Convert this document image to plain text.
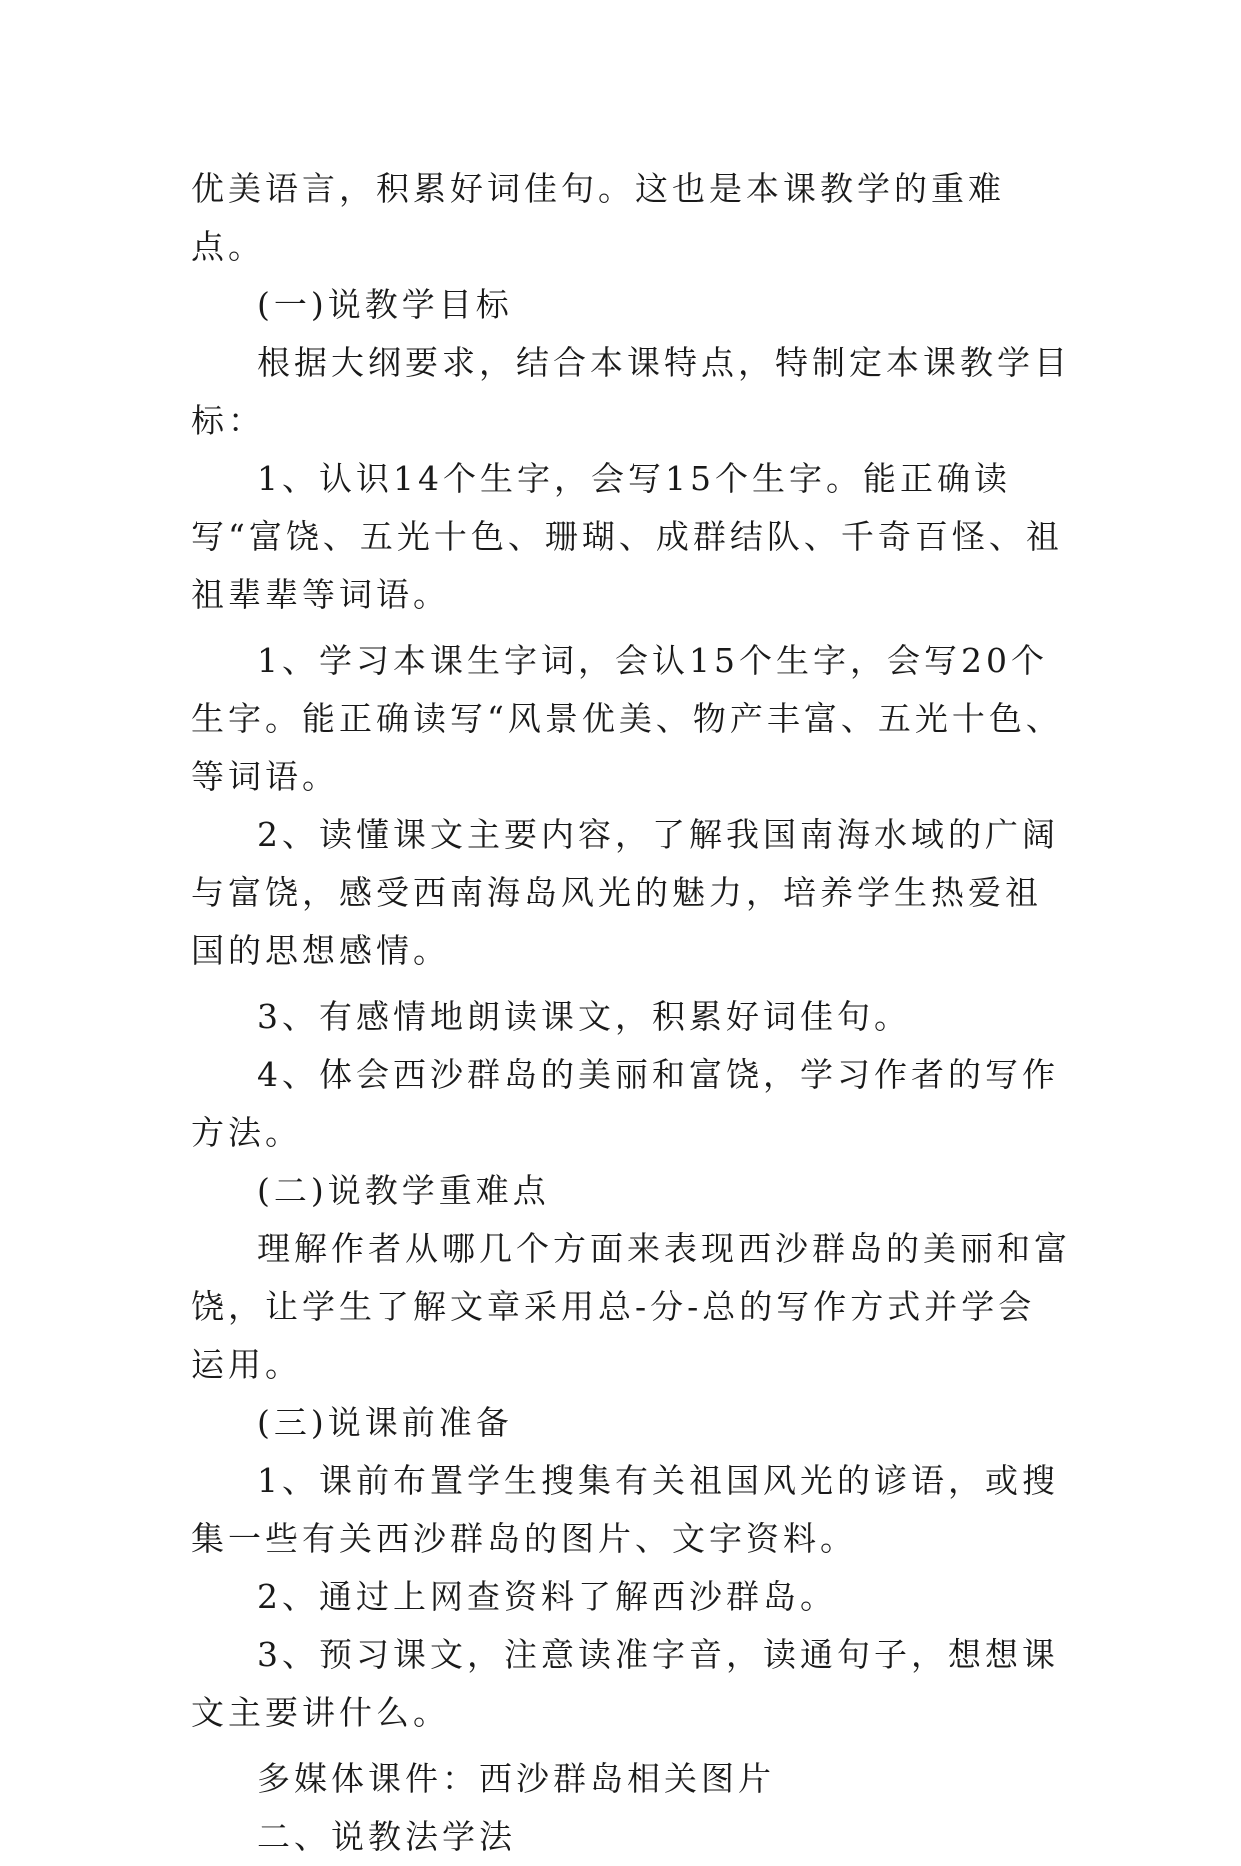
优美语言，积累好词佳句。这也是本课教学的重难点。

(一)说教学目标

根据大纲要求，结合本课特点，特制定本课教学目标：

1、认识14个生字，会写15个生字。能正确读写“富饶、五光十色、珊瑚、成群结队、千奇百怪、祖祖辈辈等词语。

1、学习本课生字词，会认15个生字，会写20个生字。能正确读写“风景优美、物产丰富、五光十色、等词语。

2、读懂课文主要内容，了解我国南海水域的广阔与富饶，感受西南海岛风光的魅力，培养学生热爱祖国的思想感情。

3、有感情地朗读课文，积累好词佳句。

4、体会西沙群岛的美丽和富饶，学习作者的写作方法。

(二)说教学重难点

理解作者从哪几个方面来表现西沙群岛的美丽和富饶，让学生了解文章采用总-分-总的写作方式并学会运用。

(三)说课前准备

1、课前布置学生搜集有关祖国风光的谚语，或搜集一些有关西沙群岛的图片、文字资料。

2、通过上网查资料了解西沙群岛。

3、预习课文，注意读准字音，读通句子，想想课文主要讲什么。

多媒体课件：西沙群岛相关图片

二、说教法学法
